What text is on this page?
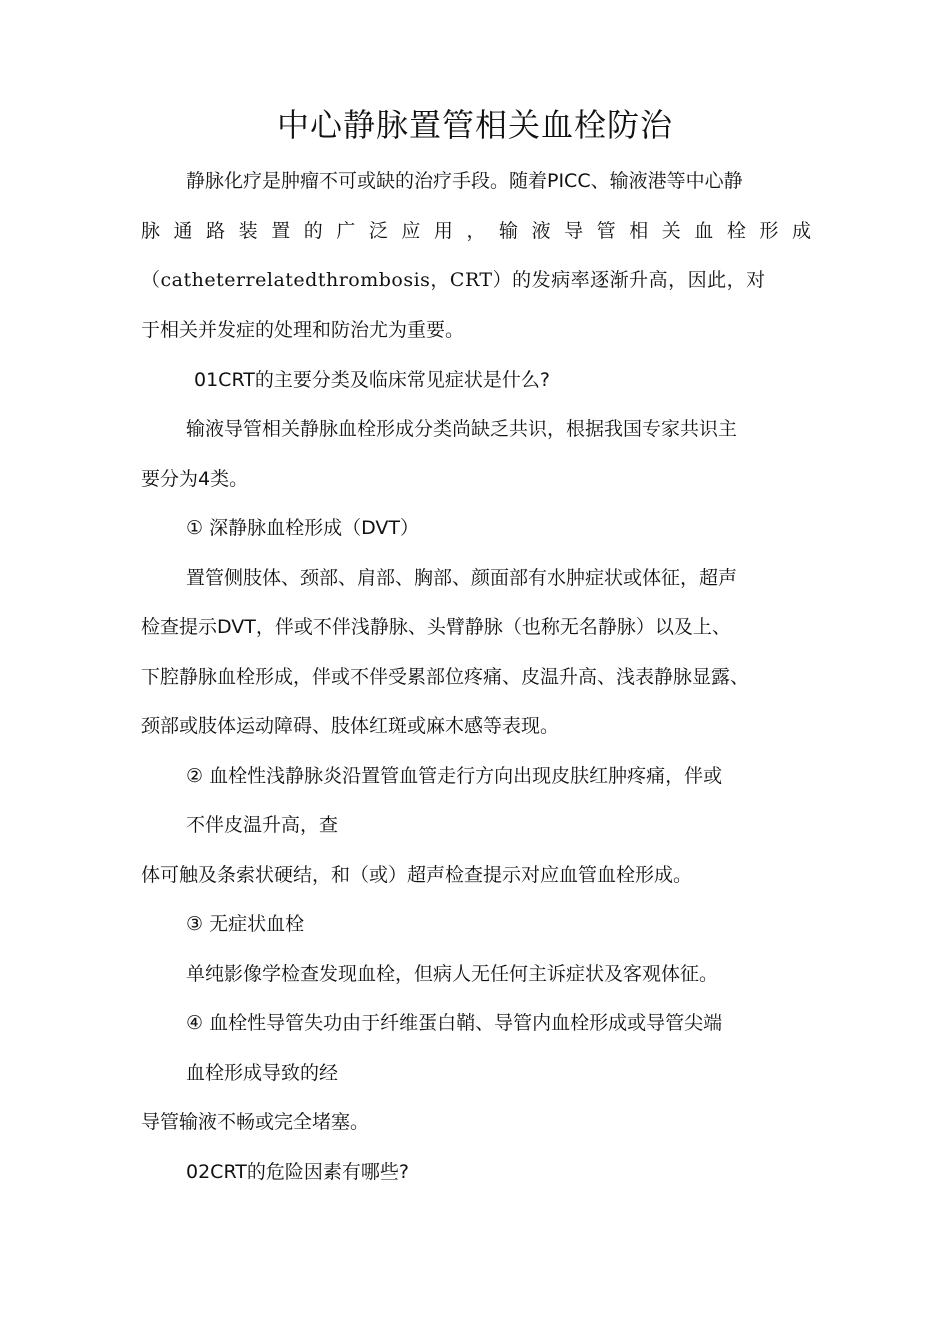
中心静脉置管相关血栓防治

静脉化疗是肿瘤不可或缺的治疗手段。随着PICC、输液港等中心静

脉 通 路 装 置 的 广 泛 应 用 ， 输 液 导 管 相 关 血 栓 形 成

（catheterrelatedthrombosis，CRT）的发病率逐渐升高，因此，对

于相关并发症的处理和防治尤为重要。

01CRT的主要分类及临床常见症状是什么?

输液导管相关静脉血栓形成分类尚缺乏共识，根据我国专家共识主

要分为4类。

① 深静脉血栓形成（DVT）

置管侧肢体、颈部、肩部、胸部、颜面部有水肿症状或体征，超声

检查提示DVT，伴或不伴浅静脉、头臂静脉（也称无名静脉）以及上、

下腔静脉血栓形成，伴或不伴受累部位疼痛、皮温升高、浅表静脉显露、

颈部或肢体运动障碍、肢体红斑或麻木感等表现。

② 血栓性浅静脉炎沿置管血管走行方向出现皮肤红肿疼痛，伴或

不伴皮温升高，查

体可触及条索状硬结，和（或）超声检查提示对应血管血栓形成。

③ 无症状血栓

单纯影像学检查发现血栓，但病人无任何主诉症状及客观体征。

④ 血栓性导管失功由于纤维蛋白鞘、导管内血栓形成或导管尖端

血栓形成导致的经

导管输液不畅或完全堵塞。

02CRT的危险因素有哪些?
